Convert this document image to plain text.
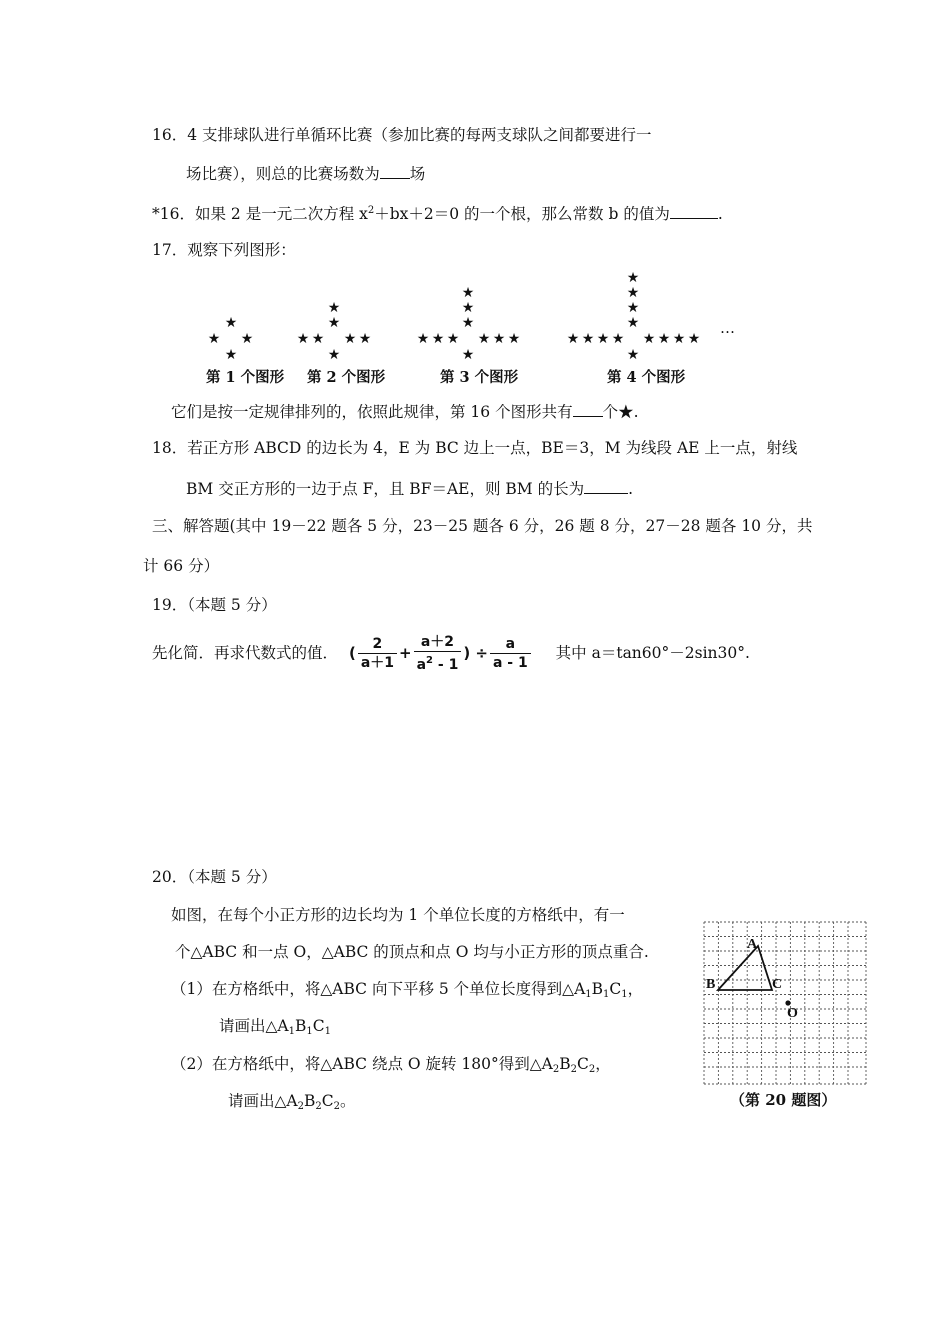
16．4 支排球队进行单循环比赛（参加比赛的每两支球队之间都要进行一
场比赛），则总的比赛场数为 场
*16．如果 2 是一元二次方程 $x^2+bx+2=0$ 的一个根，那么常数 b 的值为	.
17．观察下列图形：
★
★ ★
★
★
★
★ ★ ★ ★
★
★
★
★
★ ★ ★ ★ ★ ★
★
★
★
★
★
★ ★ ★ ★ ★ ★ ★ ★
★
…
第 1 个图形 第 2 个图形	第 3 个图形	第 4 个图形
它们是按一定规律排列的，依照此规律，第 16 个图形共有 个★.
18．若正方形 ABCD 的边长为 4，E 为 BC 边上一点，BE＝3，M 为线段 AE 上一点，射线
BM 交正方形的一边于点 F，且 BF＝AE，则 BM 的长为	.
三、解答题(其中 19－22 题各 5 分，23－25 题各 6 分，26 题 8 分，27－28 题各 10 分，共
计 66 分）
19．（本题 5 分）
先化简．再求代数式的值． ( $\frac{2}{a+1} + \frac{a+2}{a^2 - 1}$ ) ÷ $\frac{a}{a - 1}$ 其中 a＝tan60°－2sin30°.
20．（本题 5 分）
如图，在每个小正方形的边长均为 1 个单位长度的方格纸中，有一
个△ABC 和一点 O，△ABC 的顶点和点 O 均与小正方形的顶点重合.
（1）在方格纸中，将△ABC 向下平移 5 个单位长度得到$\triangle A_1B_1C_1$，
请画出$\triangle A_1B_1C_1$
（2）在方格纸中，将△ABC 绕点 O 旋转 180°得到$\triangle A_2B_2C_2$，
请画出$\triangle A_2B_2C_2$。
A
B	C
O
（第 20 题图）
